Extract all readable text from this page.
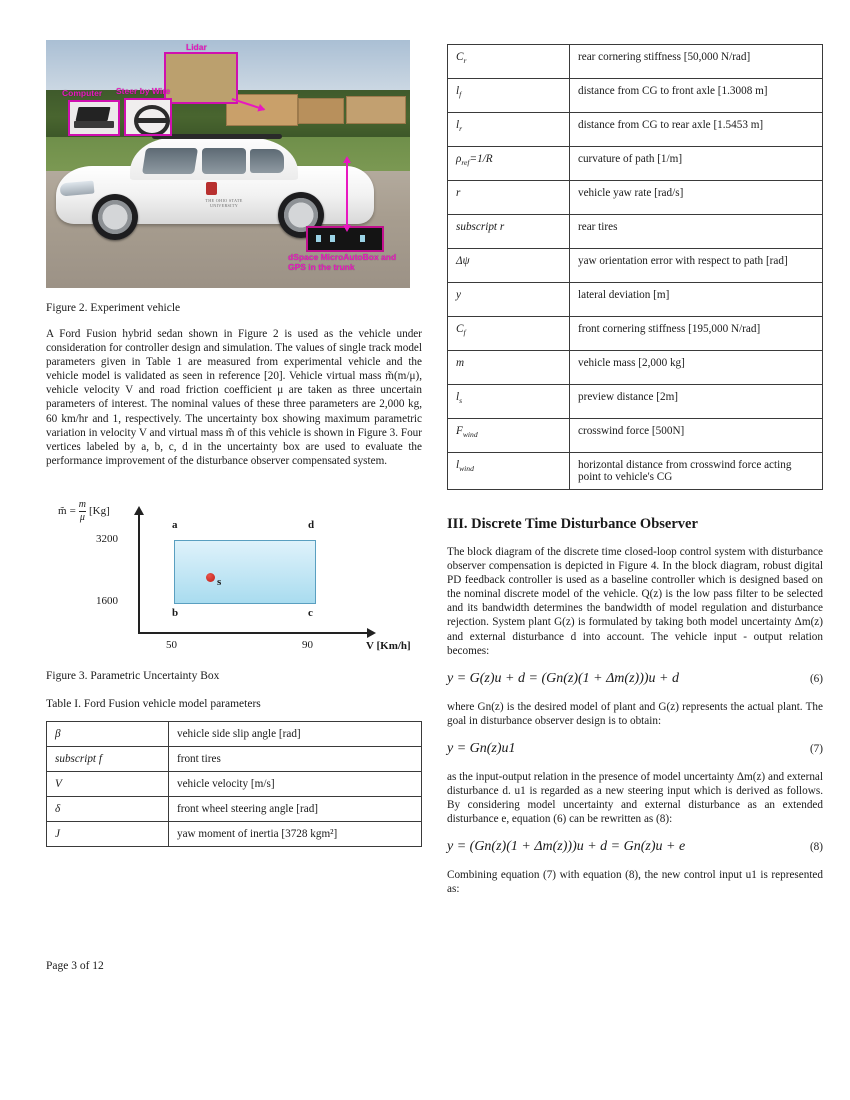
THE OHIO STATE UNIVERSITY
Lidar
Computer Steer by Wire
dSpace MicroAutoBox and GPS in the trunk
Figure 2. Experiment vehicle
A Ford Fusion hybrid sedan shown in Figure 2 is used as the vehicle under consideration for controller design and simulation. The values of single track model parameters given in Table 1 are measured from experimental vehicle and the vehicle model is validated as seen in reference [20]. Vehicle virtual mass m̃(m/μ), vehicle velocity V and road friction coefficient μ are taken as three uncertain parameters of interest. The nominal values of these three parameters are 2,000 kg, 60 km/hr and 1, respectively. The uncertainty box showing maximum parametric variation in velocity V and virtual mass m̃ of this vehicle is shown in Figure 3. Four vertices labeled by a, b, c, d in the uncertainty box are used to evaluate the performance improvement of the disturbance observer compensated system.
m̃ = $\frac{m}{\mu} [Kg]$
s
a
b	c
d
3200
1600
50	90	V [Km/h]
Figure 3. Parametric Uncertainty Box
Table I. Ford Fusion vehicle model parameters
β	vehicle side slip angle [rad]
subscript f	front tires
V	vehicle velocity [m/s]
δ	front wheel steering angle [rad]
J	yaw moment of inertia [3728 kgm²]
$C_r$	rear cornering stiffness [50,000 N/rad]
$l_f$	distance from CG to front axle [1.3008 m]
$l_r$	distance from CG to rear axle [1.5453 m]
$\rho_{ref}=1/R$	curvature of path [1/m]
r	vehicle yaw rate [rad/s]
subscript r	rear tires
Δψ	yaw orientation error with respect to path [rad]
y	lateral deviation [m]
$C_f$	front cornering stiffness [195,000 N/rad]
m	vehicle mass [2,000 kg]
$l_s$	preview distance [2m]
$F_{wind}$	crosswind force [500N]
$l_{wind}$	horizontal distance from crosswind force acting point to vehicle's CG
III. Discrete Time Disturbance Observer
The block diagram of the discrete time closed-loop control system with disturbance observer compensation is depicted in Figure 4. In the block diagram, robust digital PD feedback controller is used as a baseline controller which is designed based on the nominal discrete model of the vehicle. Q(z) is the low pass filter to be selected and its bandwidth determines the bandwidth of model regulation and disturbance rejection. System plant G(z) is formulated by taking both model uncertainty Δm(z) and external disturbance d into account. The vehicle input - output relation becomes:
y = G(z)u + d = (Gn(z)(1 + Δm(z)))u + d	(6)
where Gn(z) is the desired model of plant and G(z) represents the actual plant. The goal in disturbance observer design is to obtain:
y = Gn(z)u1	(7)
as the input-output relation in the presence of model uncertainty Δm(z) and external disturbance d. u1 is regarded as a new steering input which is derived as follows. By considering model uncertainty and external disturbance as an extended disturbance e, equation (6) can be rewritten as (8):
y = (Gn(z)(1 + Δm(z)))u + d = Gn(z)u + e	(8)
Combining equation (7) with equation (8), the new control input u1 is represented as:
Page 3 of 12
